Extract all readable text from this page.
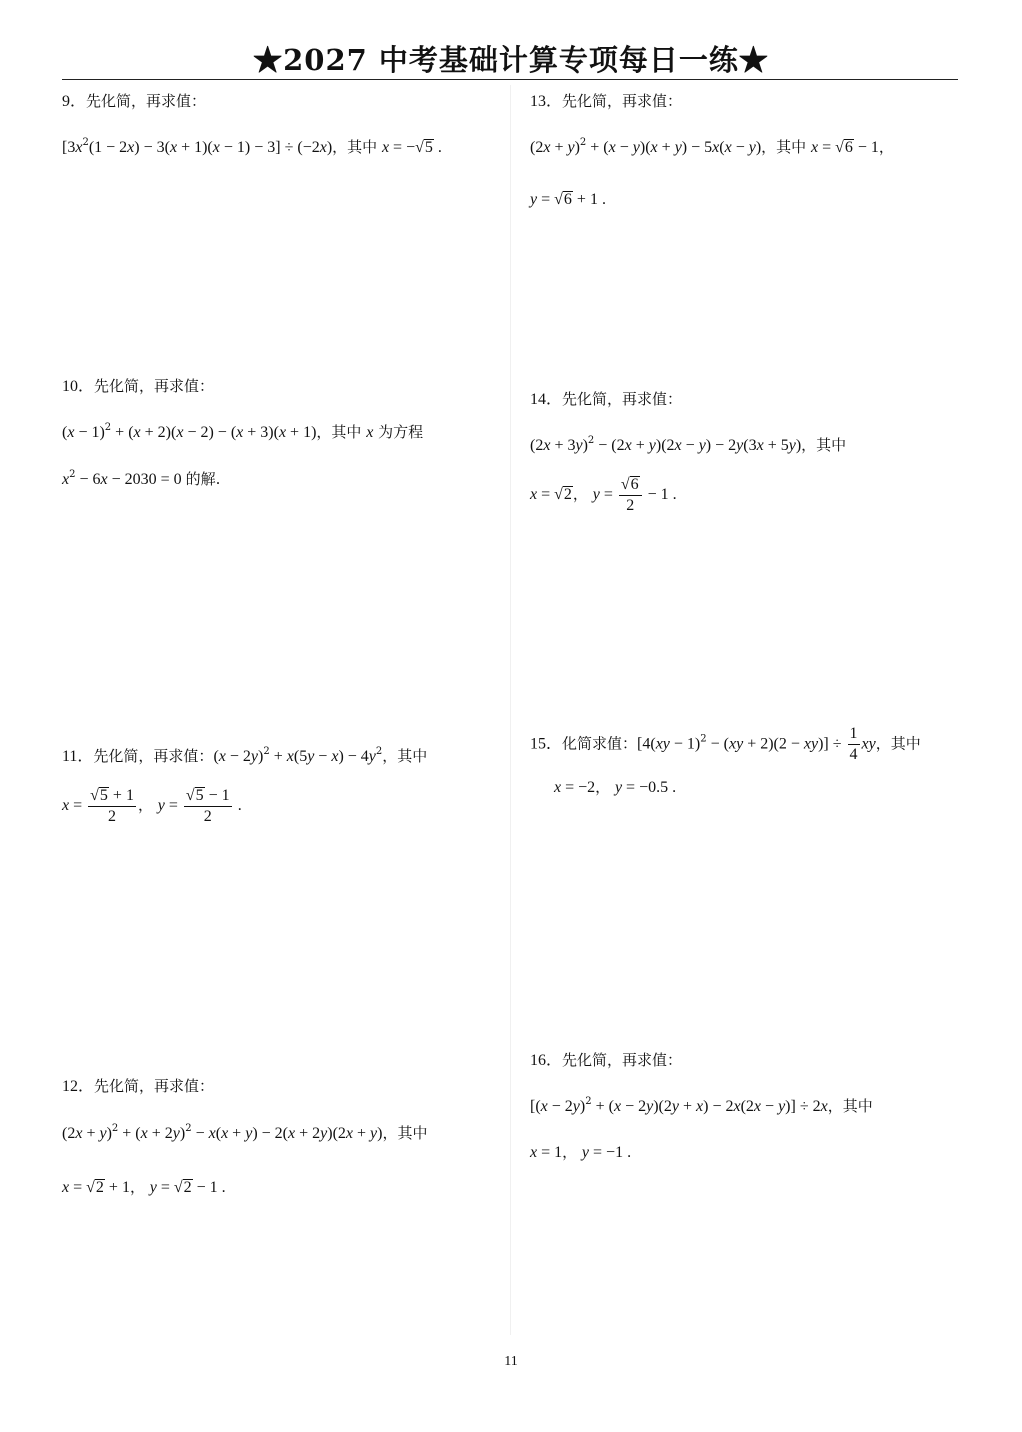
★2027 中考基础计算专项每日一练★
9．先化简，再求值：
$[3x^2(1 - 2x) - 3(x + 1)(x - 1) - 3] \div (-2x)$，其中 x = −√5 .
10．先化简，再求值：
$(x - 1)^2 + (x + 2)(x - 2) - (x + 3)(x + 1)$，其中 x 为方程
$x^2 - 6x - 2030 = 0$ 的解.
11．先化简，再求值：$(x - 2y)^2 + x(5y - x) - 4y^2$，其中
$x = \frac{√5 + 1}{2}$ ， $y = \frac{√5 - 1}{2}$ .
12．先化简，再求值：
$(2x + y)^2 + (x + 2y)^2 - x(x + y) - 2(x + 2y)(2x + y)$，其中
x = √2 + 1， y = √2 − 1 .
13．先化简，再求值：
$(2x + y)^2 + (x - y)(x + y) - 5x(x - y)$，其中 x = √6 − 1，
y = √6 + 1 .
14．先化简，再求值：
$(2x + 3y)^2 - (2x + y)(2x - y) - 2y(3x + 5y)$，其中
x = √2， $y = \frac{√6}{2} - 1$ .
15．化简求值：$[4(xy - 1)^2 - (xy + 2)(2 - xy)] \div \frac{1}{4}$ xy，其中
x = −2， y = −0.5 .
16．先化简，再求值：
$[(x - 2y)^2 + (x - 2y)(2y + x) - 2x(2x - y)] \div 2x$，其中
x = 1， y = −1 .
11
